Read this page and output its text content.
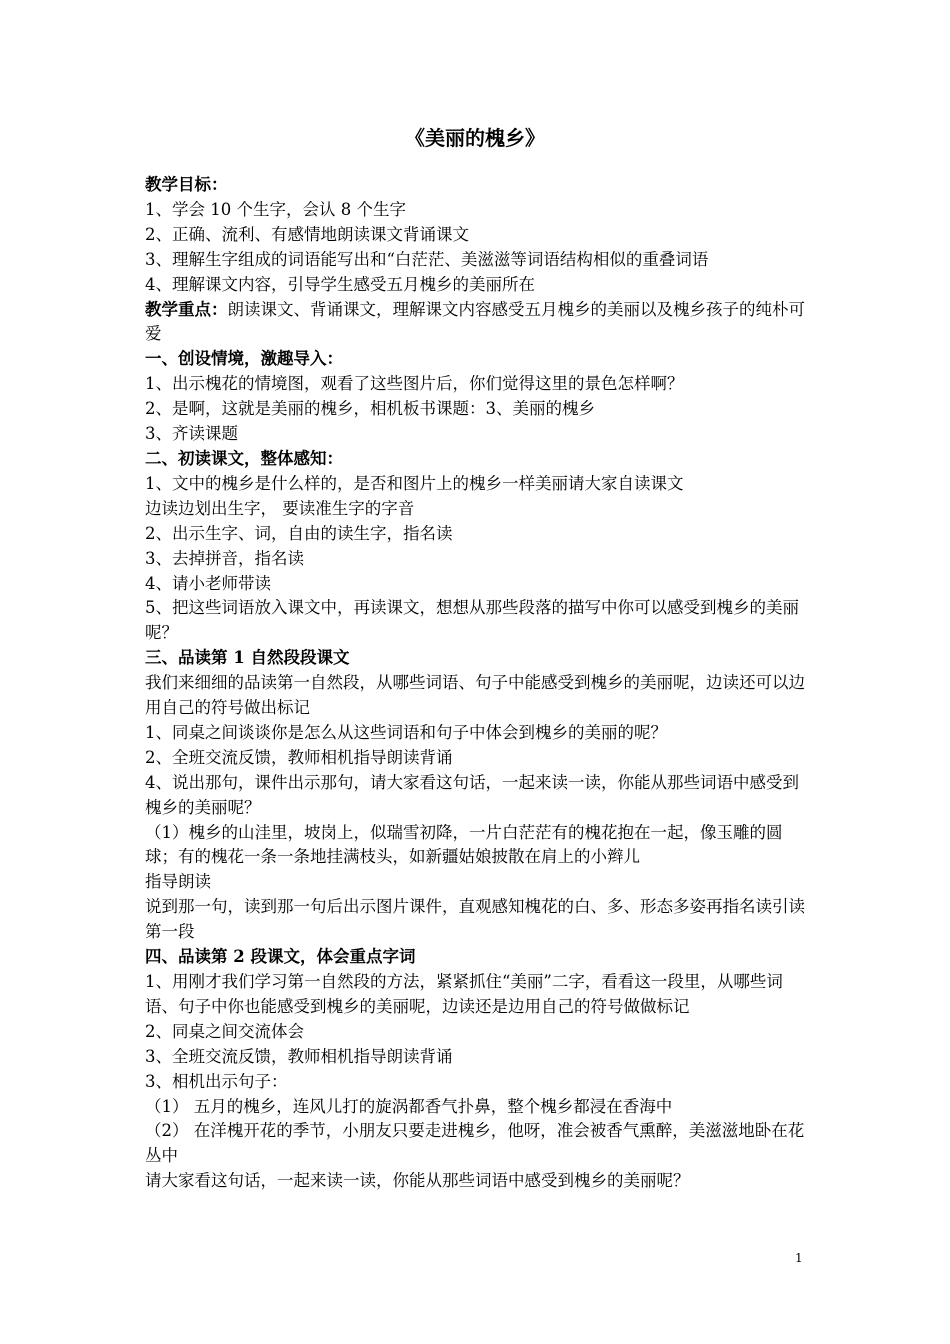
《美丽的槐乡》
教学目标：
1、学会 10 个生字，会认 8 个生字
2、正确、流利、有感情地朗读课文背诵课文
3、理解生字组成的词语能写出和“白茫茫、美滋滋等词语结构相似的重叠词语
4、理解课文内容，引导学生感受五月槐乡的美丽所在
教学重点：朗读课文、背诵课文，理解课文内容感受五月槐乡的美丽以及槐乡孩子的纯朴可爱
一、创设情境，激趣导入：
1、出示槐花的情境图，观看了这些图片后，你们觉得这里的景色怎样啊？
2、是啊，这就是美丽的槐乡，相机板书课题：3、美丽的槐乡
3、齐读课题
二、初读课文，整体感知：
1、文中的槐乡是什么样的，是否和图片上的槐乡一样美丽请大家自读课文
边读边划出生字， 要读准生字的字音
2、出示生字、词，自由的读生字，指名读
3、去掉拼音，指名读
4、请小老师带读
5、把这些词语放入课文中，再读课文，想想从那些段落的描写中你可以感受到槐乡的美丽呢？
三、品读第 1 自然段段课文
我们来细细的品读第一自然段，从哪些词语、句子中能感受到槐乡的美丽呢，边读还可以边用自己的符号做出标记
1、同桌之间谈谈你是怎么从这些词语和句子中体会到槐乡的美丽的呢？
2、全班交流反馈，教师相机指导朗读背诵
4、说出那句，课件出示那句，请大家看这句话，一起来读一读，你能从那些词语中感受到槐乡的美丽呢？
（1）槐乡的山洼里，坡岗上，似瑞雪初降，一片白茫茫有的槐花抱在一起，像玉雕的圆球；有的槐花一条一条地挂满枝头，如新疆姑娘披散在肩上的小辫儿
指导朗读
说到那一句，读到那一句后出示图片课件，直观感知槐花的白、多、形态多姿再指名读引读第一段
四、品读第 2 段课文，体会重点字词
1、用刚才我们学习第一自然段的方法，紧紧抓住“美丽”二字，看看这一段里，从哪些词语、句子中你也能感受到槐乡的美丽呢，边读还是边用自己的符号做做标记
2、同桌之间交流体会
3、全班交流反馈，教师相机指导朗读背诵
3、相机出示句子：
（1） 五月的槐乡，连风儿打的旋涡都香气扑鼻，整个槐乡都浸在香海中
（2） 在洋槐开花的季节，小朋友只要走进槐乡，他呀，准会被香气熏醉，美滋滋地卧在花丛中
请大家看这句话，一起来读一读，你能从那些词语中感受到槐乡的美丽呢？
1
